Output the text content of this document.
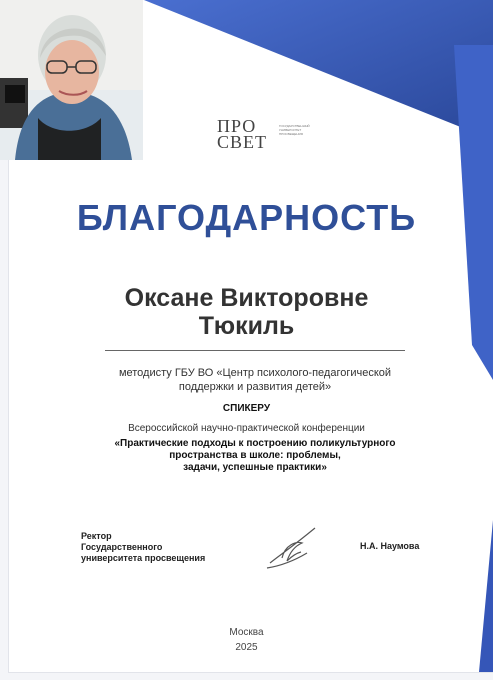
ПРО
СВЕТ
ГОСУДАРСТВЕННЫЙ УНИВЕРСИТЕТ ПРОСВЕЩЕНИЯ
БЛАГОДАРНОСТЬ
Оксане Викторовне
Тюкиль
методисту ГБУ ВО «Центр психолого-педагогической
поддержки и развития детей»
СПИКЕРУ
Всероссийской научно-практической конференции
«Практические подходы к построению поликультурного
пространства в школе: проблемы,
задачи, успешные практики»
Ректор
Государственного
университета просвещения
Н.А. Наумова
Москва
2025
